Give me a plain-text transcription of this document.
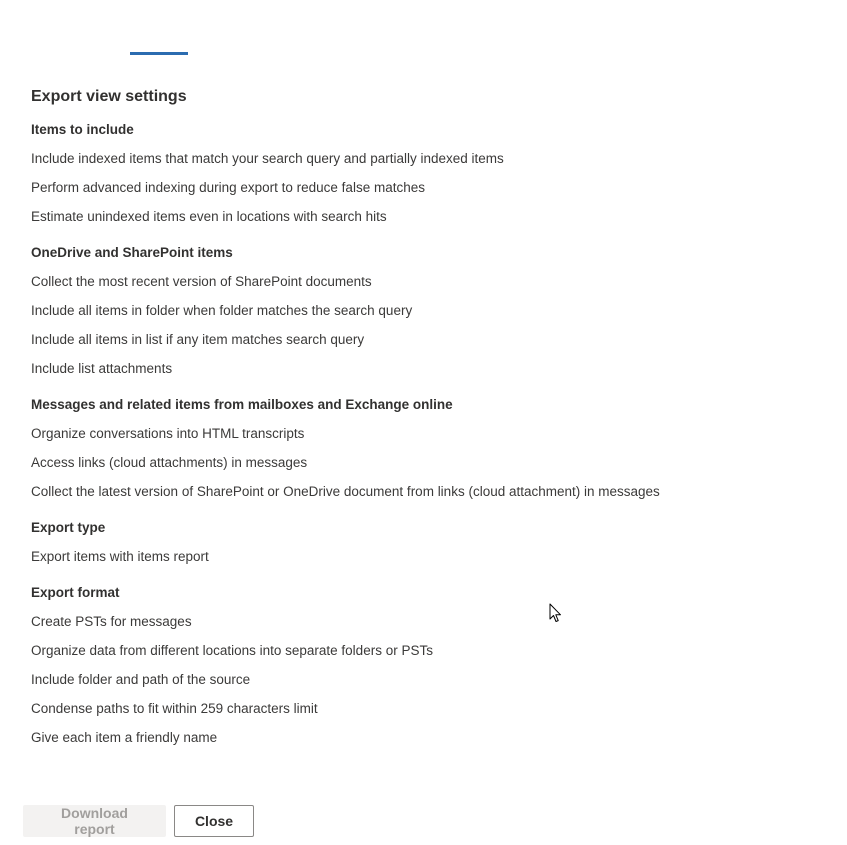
Export view settings
Items to include
Include indexed items that match your search query and partially indexed items
Perform advanced indexing during export to reduce false matches
Estimate unindexed items even in locations with search hits
OneDrive and SharePoint items
Collect the most recent version of SharePoint documents
Include all items in folder when folder matches the search query
Include all items in list if any item matches search query
Include list attachments
Messages and related items from mailboxes and Exchange online
Organize conversations into HTML transcripts
Access links (cloud attachments) in messages
Collect the latest version of SharePoint or OneDrive document from links (cloud attachment) in messages
Export type
Export items with items report
Export format
Create PSTs for messages
Organize data from different locations into separate folders or PSTs
Include folder and path of the source
Condense paths to fit within 259 characters limit
Give each item a friendly name
Download report	Close
